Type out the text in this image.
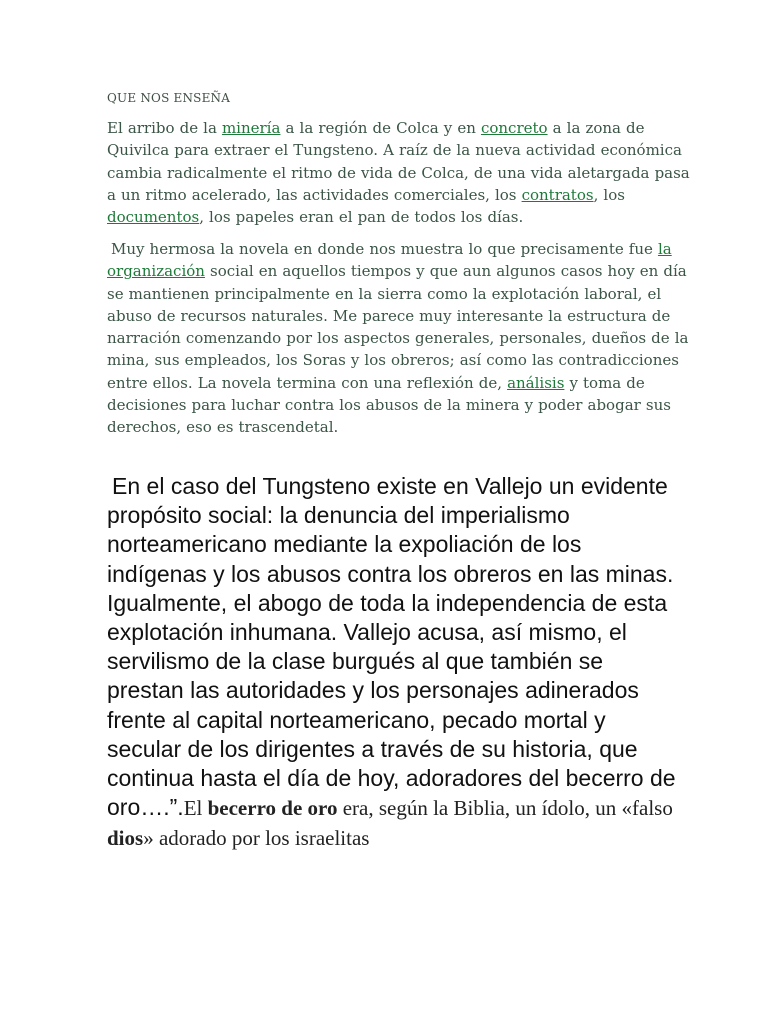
QUE NOS ENSEÑA
El arribo de la minería a la región de Colca y en concreto a la zona de Quivilca para extraer el Tungsteno. A raíz de la nueva actividad económica cambia radicalmente el ritmo de vida de Colca, de una vida aletargada pasa a un ritmo acelerado, las actividades comerciales, los contratos, los documentos, los papeles eran el pan de todos los días.
Muy hermosa la novela en donde nos muestra lo que precisamente fue la organización social en aquellos tiempos y que aun algunos casos hoy en día se mantienen principalmente en la sierra como la explotación laboral, el abuso de recursos naturales. Me parece muy interesante la estructura de narración comenzando por los aspectos generales, personales, dueños de la mina, sus empleados, los Soras y los obreros; así como las contradicciones entre ellos. La novela termina con una reflexión de, análisis y toma de decisiones para luchar contra los abusos de la minera y poder abogar sus derechos, eso es trascendetal.
En el caso del Tungsteno existe en Vallejo un evidente propósito social: la denuncia del imperialismo norteamericano mediante la expoliación de los indígenas y los abusos contra los obreros en las minas. Igualmente, el abogo de toda la independencia de esta explotación inhumana. Vallejo acusa, así mismo, el servilismo de la clase burgués al que también se prestan las autoridades y los personajes adinerados frente al capital norteamericano, pecado mortal y secular de los dirigentes a través de su historia, que continua hasta el día de hoy, adoradores del becerro de oro….”.El becerro de oro era, según la Biblia, un ídolo, un «falso dios» adorado por los israelitas
